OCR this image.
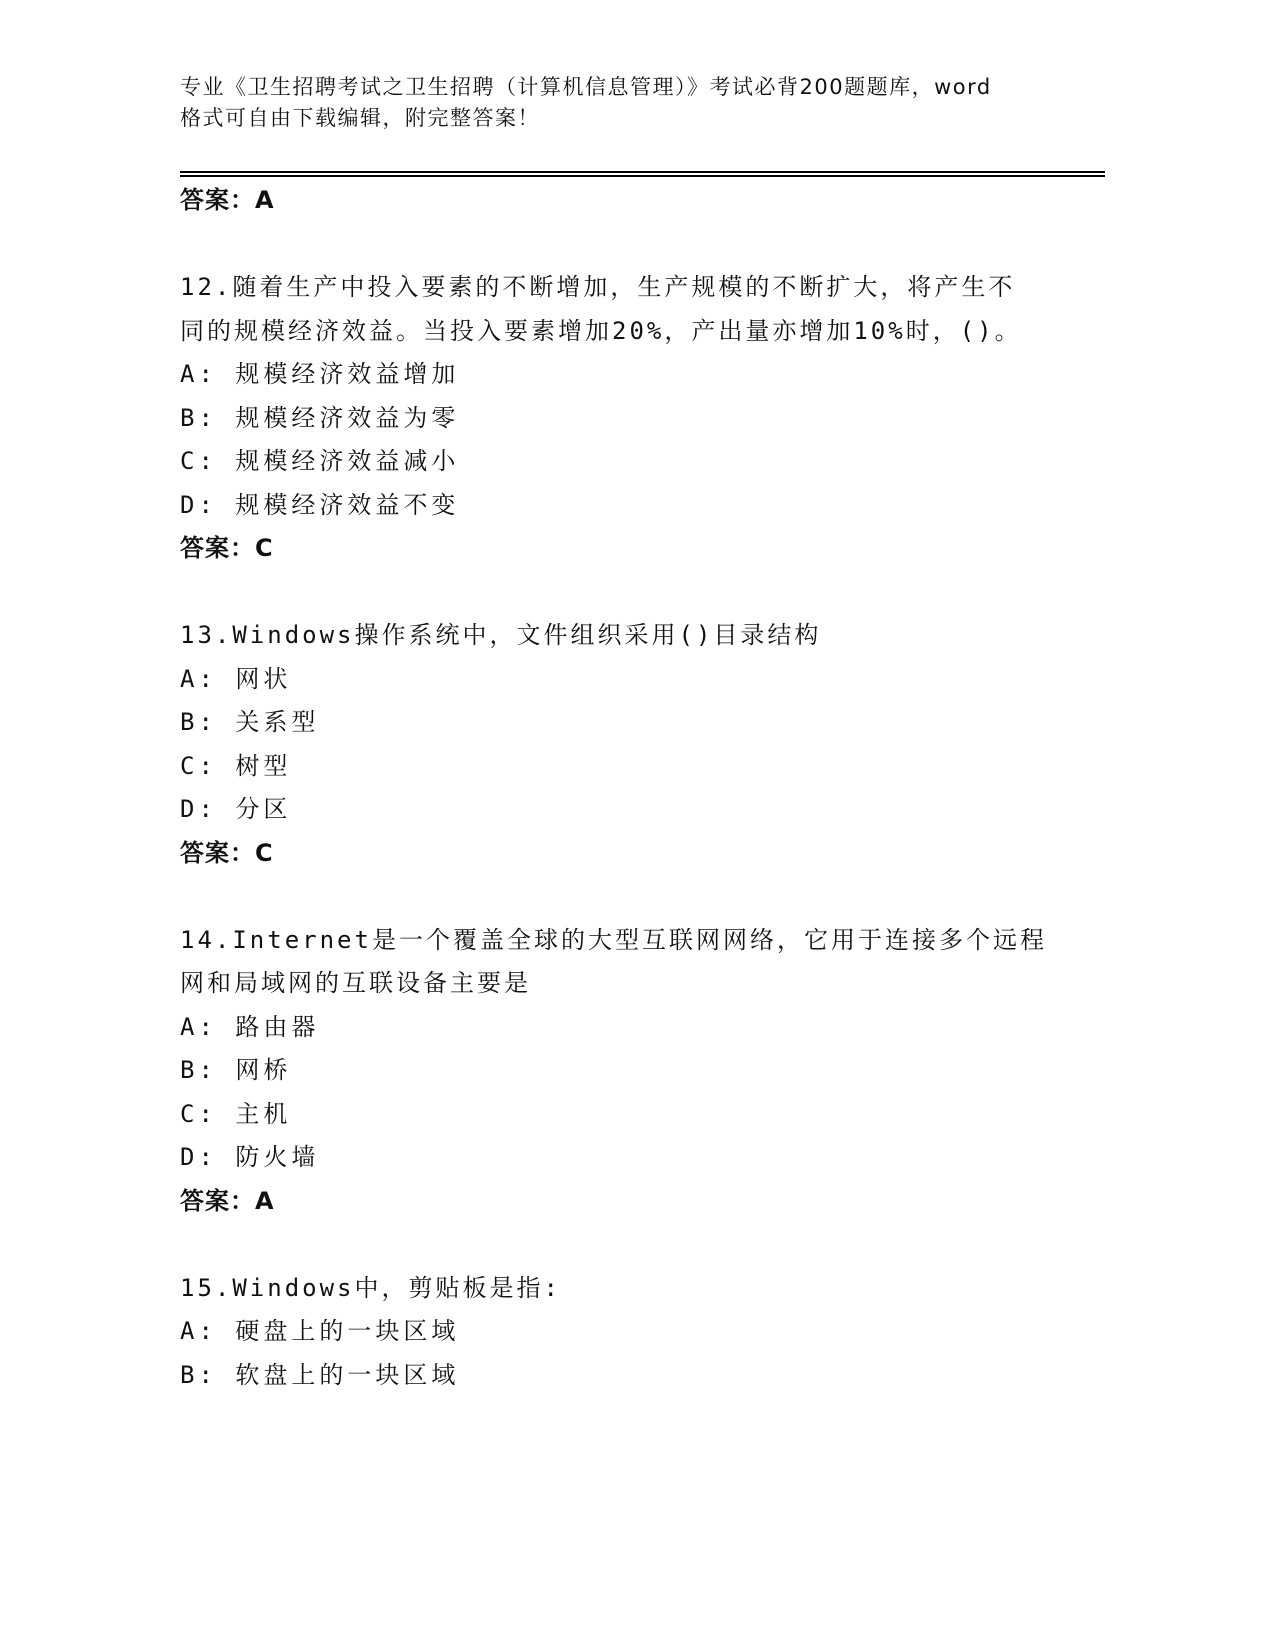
专业《卫生招聘考试之卫生招聘（计算机信息管理）》考试必背200题题库，word
格式可自由下载编辑，附完整答案！
答案：A
12.随着生产中投入要素的不断增加，生产规模的不断扩大，将产生不
同的规模经济效益。当投入要素增加20%，产出量亦增加10%时，()。
A: 规模经济效益增加
B: 规模经济效益为零
C: 规模经济效益减小
D: 规模经济效益不变
答案：C
13.Windows操作系统中，文件组织采用()目录结构
A: 网状
B: 关系型
C: 树型
D: 分区
答案：C
14.Internet是一个覆盖全球的大型互联网网络，它用于连接多个远程
网和局域网的互联设备主要是
A: 路由器
B: 网桥
C: 主机
D: 防火墙
答案：A
15.Windows中，剪贴板是指:
A: 硬盘上的一块区域
B: 软盘上的一块区域
